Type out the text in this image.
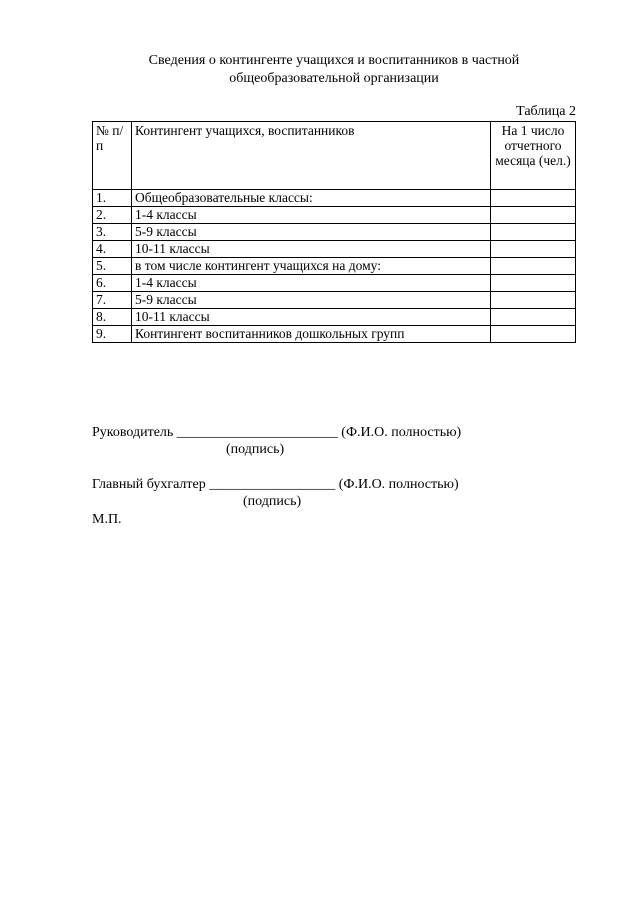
Сведения о контингенте учащихся и воспитанников в частной
общеобразовательной организации
Таблица 2
№ п/п	Контингент учащихся, воспитанников	На 1 число отчетного месяца (чел.)
1.	Общеобразовательные классы:	
2.	1-4 классы	
3.	5-9 классы	
4.	10-11 классы	
5.	в том числе контингент учащихся на дому:	
6.	1-4 классы	
7.	5-9 классы	
8.	10-11 классы	
9.	Контингент воспитанников дошкольных групп	
Руководитель _______________________ (Ф.И.О. полностью)
(подпись)
Главный бухгалтер __________________ (Ф.И.О. полностью)
(подпись)
М.П.
